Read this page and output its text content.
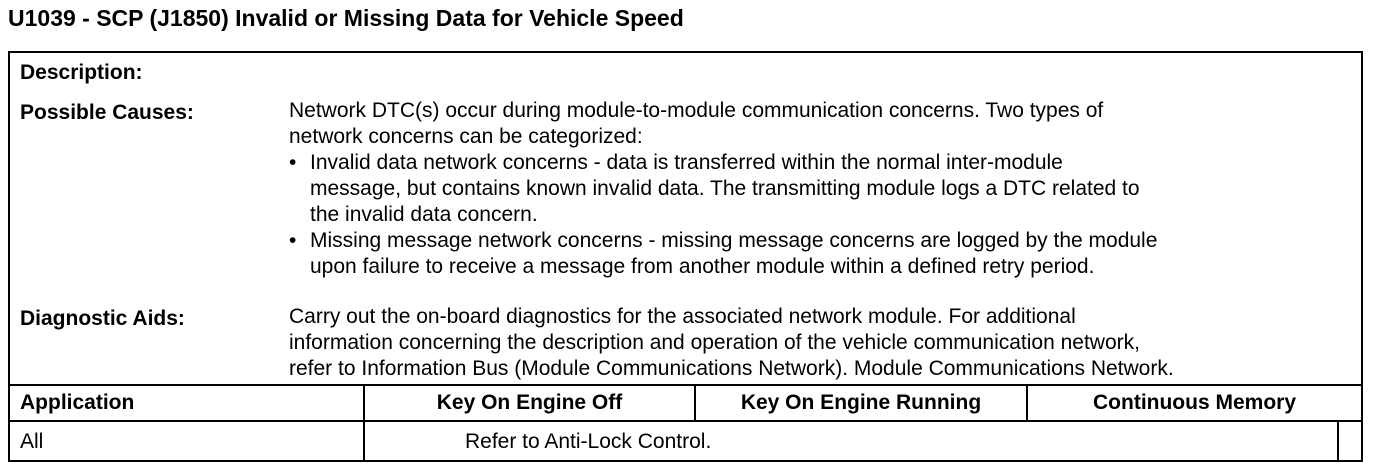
U1039 - SCP (J1850) Invalid or Missing Data for Vehicle Speed
Description:
Possible Causes:	Network DTC(s) occur during module-to-module communication concerns. Two types of
network concerns can be categorized:
• Invalid data network concerns - data is transferred within the normal inter-module
message, but contains known invalid data. The transmitting module logs a DTC related to
the invalid data concern.
• Missing message network concerns - missing message concerns are logged by the module
upon failure to receive a message from another module within a defined retry period.
Diagnostic Aids:	Carry out the on-board diagnostics for the associated network module. For additional
information concerning the description and operation of the vehicle communication network,
refer to Information Bus (Module Communications Network). Module Communications Network.
Application	Key On Engine Off	Key On Engine Running	Continuous Memory
All	Refer to Anti-Lock Control.
